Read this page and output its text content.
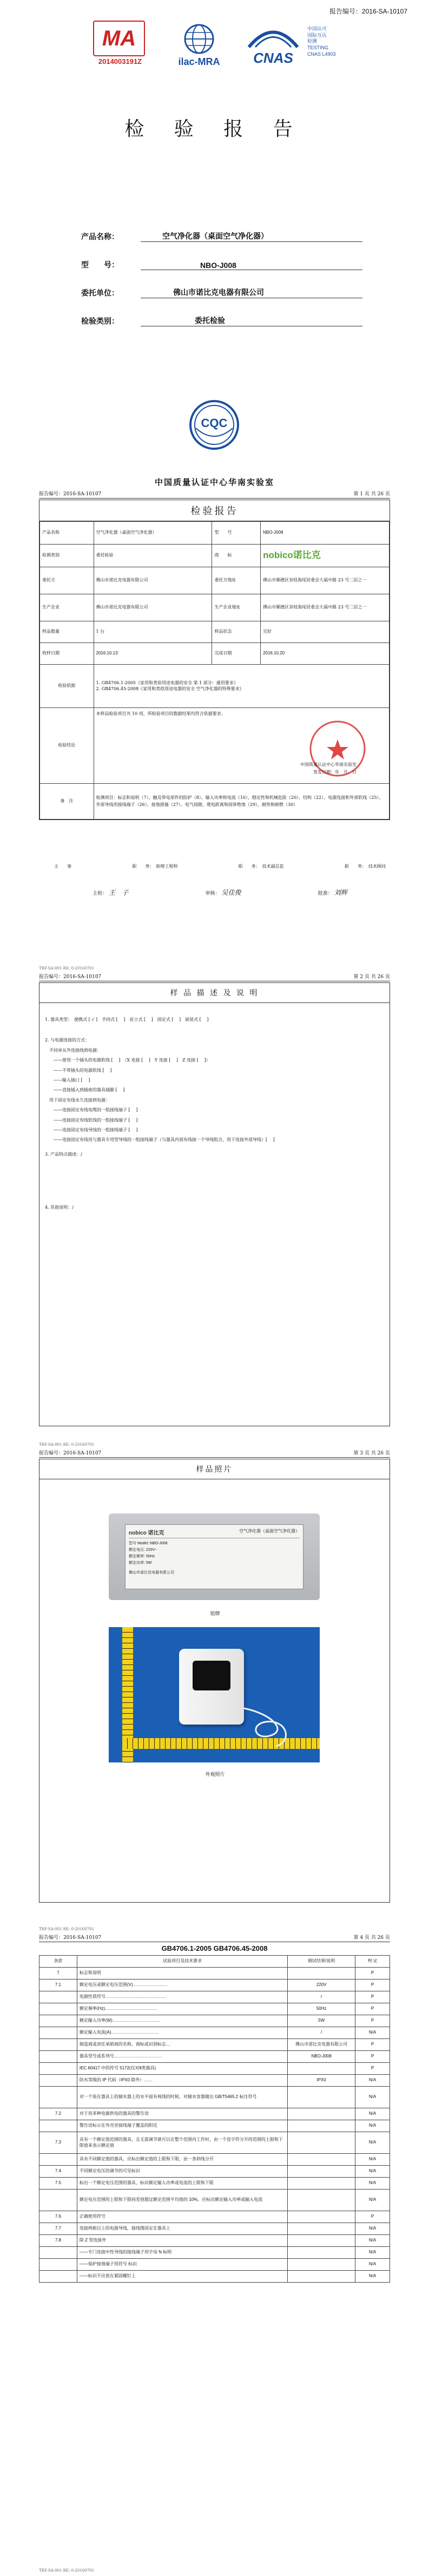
报告编号：2016-SA-10107
MA
2014003191Z	ilac-MRA	CNAS
中国认可
国际互认
检测
TESTING
CNAS L4903
检 验 报 告
产品名称：	空气净化器（桌面空气净化器）
型　　号：	NBO-J008
委托单位：	佛山市诺比克电器有限公司
检验类别：	委托检验
CQC
中国质量认证中心华南实验室
报告编号：2016-SA-10107	第 1 页 共 26 页
检验报告
产品名称	空气净化器（桌面空气净化器）	型　　号	NBO-J008
检测类别	委托检验	商　　标	nobico诺比克
委托方	佛山市诺比克电器有限公司	委托方地址	佛山市顺德区容桂海尾居委会大福中路 23 号二层之一
生产企业	佛山市诺比克电器有限公司	生产企业地址	佛山市顺德区容桂海尾居委会大福中路 23 号二层之一
样品数量	1 台	样品状态	完好
收样日期	2016.10.13	完成日期	2016.10.20
检验依据	1. GB4706.1-2005《家用和类似用途电器的安全 第 1 部分：通用要求》
2. GB4706.45-2008《家用和类似用途电器的安全 空气净化器的特殊要求》		

检验结论	本样品检验项目共 10 项，所检验项目的数据结果均符合依据要求。
中国质量认证中心华南实验室
签发日期：年　月　日		

备　注	检测项目：标志和说明（7）、触及带电部件的防护（8）、输入功率和电流（10）、稳定性和机械危险（20）、结构（22）、电源连接和外部软线（25）、外部导线用接线端子（26）、接地措施（27）、电气间隙、爬电距离和固体绝缘（29）、耐热和耐燃（30）		
主　　事	职　　务：　助理工程师	职　　务：　技术副总监	职　　务：　技术顾问
主检： 王　子	审核： 吴佳俊	批准： 刘辉
TRF-SA-001 RE: 0-20160701
报告编号：2016-SA-10107	第 2 页 共 26 页
样 品 描 述 及 说 明
1. 器具类型：　便携式 [ √ ]　手持式 [ 　]　驻立式 [ 　]　固定式 [ 　]　嵌装式 [ 　]
2. 与电源连接的方式：
　不同单从外连接线到电源：
　　——使用一个插头的电源软线 [ 　]　（X 连接 [ 　]　Y 连接 [ 　]　Z 连接 [ 　]）
　　——不带插头的电源软线 [ 　]
　　——输入插口 [ 　]
　　——直接插入到插座的器具插脚 [ 　]
　用于固定布线永久连接到电源：
　　——连接固定布线电缆的一组接线端子 [ 　]
　　——连接固定布线软线的一组接线端子 [ 　]
　　——连接固定布线导线的一组接线端子 [ 　]
　　——连接固定布线用与器具专用型导线的一组接线端子（与器具内部布线接一个导线组合，用于连接外部导线）[ 　]
3. 产品特点描述：/
4. 其他说明：/
TRF-SA-001 RE: 0-20160701
报告编号：2016-SA-10107	第 3 页 共 26 页
样品照片
nobico 诺比克	空气净化器（桌面空气净化器）
型号 Model: NBO-J008
额定电压: 220V~
额定频率: 50Hz
额定功率: 5W
佛山市诺比克电器有限公司
铭牌
外观照片
TRF-SA-001 RE: 0-20160701
报告编号：2016-SA-10107	第 4 页 共 26 页
GB4706.1-2005 GB4706.45-2008
条款	试验项目及技术要求	测试结果/说明	判 定
7	标志和说明		P
7.1	额定电压或额定电压范围(V)……………………	220V	P
	电源性质符号……………………………………	/	P
	额定频率(Hz)………………………………	50Hz	P
	额定输入功率(W)……………………………	5W	P
	额定输入电流(A)……………………………	/	N/A
	制造商或责任承销商的名称、商标或识别标志…	佛山市诺比克电器有限公司	P
	器具型号或系列号……………………………	NBO-J008	P
	IEC 60417 中的符号 5172(仅对Ⅱ类器具)		P
	防水等级的 IP 代码（IPX0 除外）……	IPX0	N/A
	对一个装在器具上的储水器上的水平面有视线的时候，对储水容器做出 GB/T5465.2 标注符号		N/A
7.2	对于用多种电源供电的器具的警告语		N/A
	警告语标示在外壳旁接线端子覆盖的附近		N/A
7.3	具有一个额定值范围的器具，且无需调节就可以在整个范围内工作时，由一个连字符分开的范围的上限和下限值来表示额定值		N/A
	具有不同额定值的器具，应标出额定值的上限和下限，由一条斜线分开		N/A
7.4	不同额定电压的调节的可见标识		N/A
7.5	标出一个额定电压范围的器具，标识额定输入功率或电流的上限和下限		N/A
	额定电压范围的上限和下限间差别超过额定范围平均值的 10%，应标出额定输入功率或输入电流		N/A
7.6	正确使用符号		P
7.7	连接两根以上的电源导线，接线图固定在器具上		N/A
7.8	除 Z 型连接外		N/A
	——专门连接中性导线的接线端子用字母 N 标明		N/A
	——保护接地端子用符号 标识		N/A
	——标识不应放在紧固螺钉上		N/A
TRF-SA-001 RE: 0-20160701
